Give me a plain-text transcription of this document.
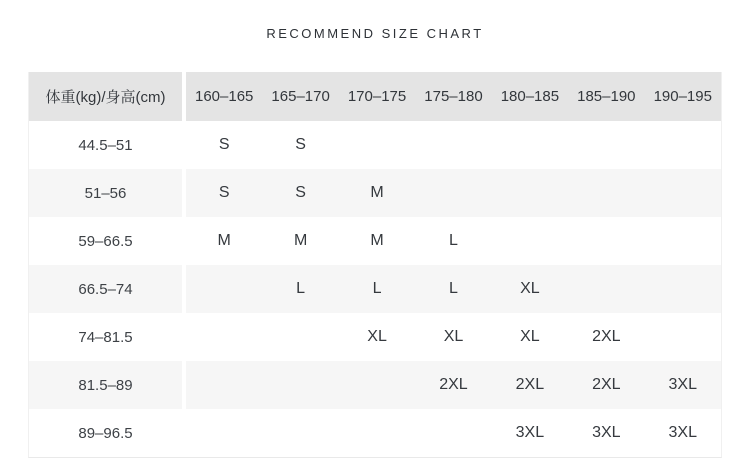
RECOMMEND SIZE CHART
体重(kg)/身高(cm)	160–165	165–170	170–175	175–180	180–185	185–190	190–195
44.5–51	S	S					
51–56	S	S	M				
59–66.5	M	M	M	L			
66.5–74		L	L	L	XL		
74–81.5			XL	XL	XL	2XL	
81.5–89				2XL	2XL	2XL	3XL
89–96.5					3XL	3XL	3XL
